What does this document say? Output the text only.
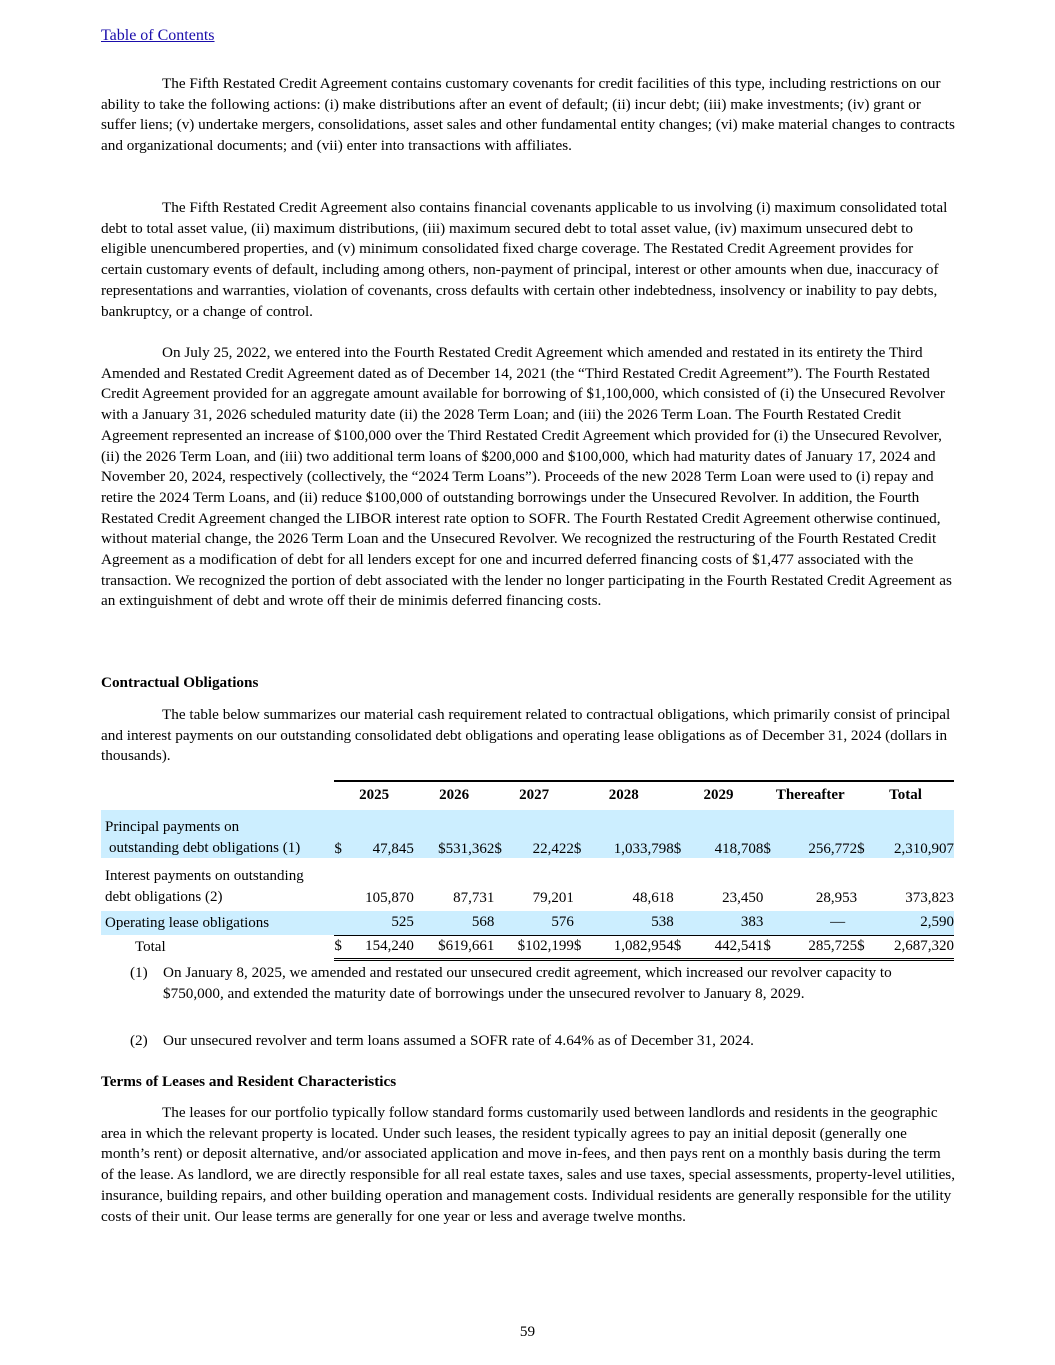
Table of Contents

The Fifth Restated Credit Agreement contains customary covenants for credit facilities of this type, including restrictions on our ability to take the following actions: (i) make distributions after an event of default; (ii) incur debt; (iii) make investments; (iv) grant or suffer liens; (v) undertake mergers, consolidations, asset sales and other fundamental entity changes; (vi) make material changes to contracts and organizational documents; and (vii) enter into transactions with affiliates.

The Fifth Restated Credit Agreement also contains financial covenants applicable to us involving (i) maximum consolidated total debt to total asset value, (ii) maximum distributions, (iii) maximum secured debt to total asset value, (iv) maximum unsecured debt to eligible unencumbered properties, and (v) minimum consolidated fixed charge coverage. The Restated Credit Agreement provides for certain customary events of default, including among others, non-payment of principal, interest or other amounts when due, inaccuracy of representations and warranties, violation of covenants, cross defaults with certain other indebtedness, insolvency or inability to pay debts, bankruptcy, or a change of control.

On July 25, 2022, we entered into the Fourth Restated Credit Agreement which amended and restated in its entirety the Third Amended and Restated Credit Agreement dated as of December 14, 2021 (the “Third Restated Credit Agreement”). The Fourth Restated Credit Agreement provided for an aggregate amount available for borrowing of $1,100,000, which consisted of (i) the Unsecured Revolver with a January 31, 2026 scheduled maturity date (ii) the 2028 Term Loan; and (iii) the 2026 Term Loan. The Fourth Restated Credit Agreement represented an increase of $100,000 over the Third Restated Credit Agreement which provided for (i) the Unsecured Revolver, (ii) the 2026 Term Loan, and (iii) two additional term loans of $200,000 and $100,000, which had maturity dates of January 17, 2024 and November 20, 2024, respectively (collectively, the “2024 Term Loans”). Proceeds of the new 2028 Term Loan were used to (i) repay and retire the 2024 Term Loans, and (ii) reduce $100,000 of outstanding borrowings under the Unsecured Revolver. In addition, the Fourth Restated Credit Agreement changed the LIBOR interest rate option to SOFR. The Fourth Restated Credit Agreement otherwise continued, without material change, the 2026 Term Loan and the Unsecured Revolver. We recognized the restructuring of the Fourth Restated Credit Agreement as a modification of debt for all lenders except for one and incurred deferred financing costs of $1,477 associated with the transaction. We recognized the portion of debt associated with the lender no longer participating in the Fourth Restated Credit Agreement as an extinguishment of debt and wrote off their de minimis deferred financing costs.

Contractual Obligations

The table below summarizes our material cash requirement related to contractual obligations, which primarily consist of principal and interest payments on our outstanding consolidated debt obligations and operating lease obligations as of December 31, 2024 (dollars in thousands).

	2025		2026	2027		2028		2029		Thereafter		Total	

Principal payments on													
outstanding debt obligations (1)	$	47,845	$531,362	$	22,422	$	1,033,798	$	418,708	$	256,772	$	2,310,907
Interest payments on outstanding													
debt obligations (2)		105,870	87,731		79,201		48,618		23,450		28,953		373,823

Operating lease obligations		525	568		576		538		383		—		2,590
Total	$	154,240	$619,661		$102,199	$	1,082,954	$	442,541	$	285,725	$	2,687,320
(1) On January 8, 2025, we amended and restated our unsecured credit agreement, which increased our revolver capacity to $750,000, and extended the maturity date of borrowings under the unsecured revolver to January 8, 2029.
(2) Our unsecured revolver and term loans assumed a SOFR rate of 4.64% as of December 31, 2024.

Terms of Leases and Resident Characteristics

The leases for our portfolio typically follow standard forms customarily used between landlords and residents in the geographic area in which the relevant property is located. Under such leases, the resident typically agrees to pay an initial deposit (generally one month’s rent) or deposit alternative, and/or associated application and move in-fees, and then pays rent on a monthly basis during the term of the lease. As landlord, we are directly responsible for all real estate taxes, sales and use taxes, special assessments, property-level utilities, insurance, building repairs, and other building operation and management costs. Individual residents are generally responsible for the utility costs of their unit. Our lease terms are generally for one year or less and average twelve months.

59
